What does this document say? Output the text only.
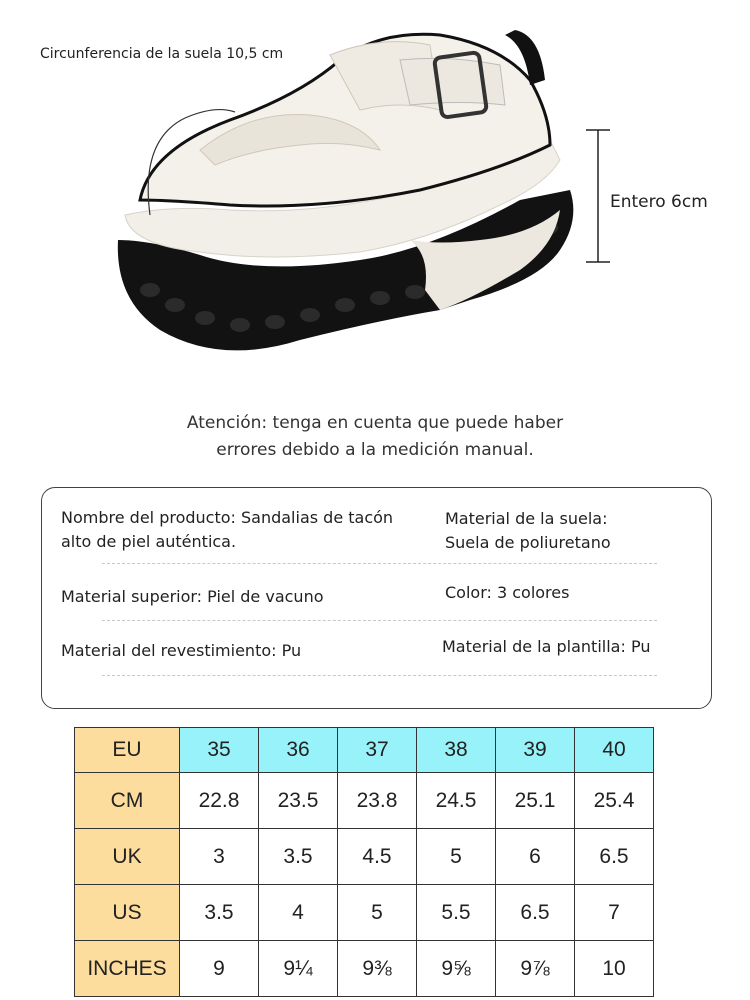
Circunferencia de la suela 10,5 cm
Entero 6cm
Atención: tenga en cuenta que puede haber
errores debido a la medición manual.
Nombre del producto: Sandalias de tacón
alto de piel auténtica.
Material de la suela:
Suela de poliuretano
Material superior: Piel de vacuno	Color: 3 colores
Material del revestimiento: Pu	Material de la plantilla: Pu
EU	35	36	37	38	39	40
CM	22.8	23.5	23.8	24.5	25.1	25.4
UK	3	3.5	4.5	5	6	6.5
US	3.5	4	5	5.5	6.5	7
INCHES	9	9¼	9⅜	9⅝	9⅞	10
